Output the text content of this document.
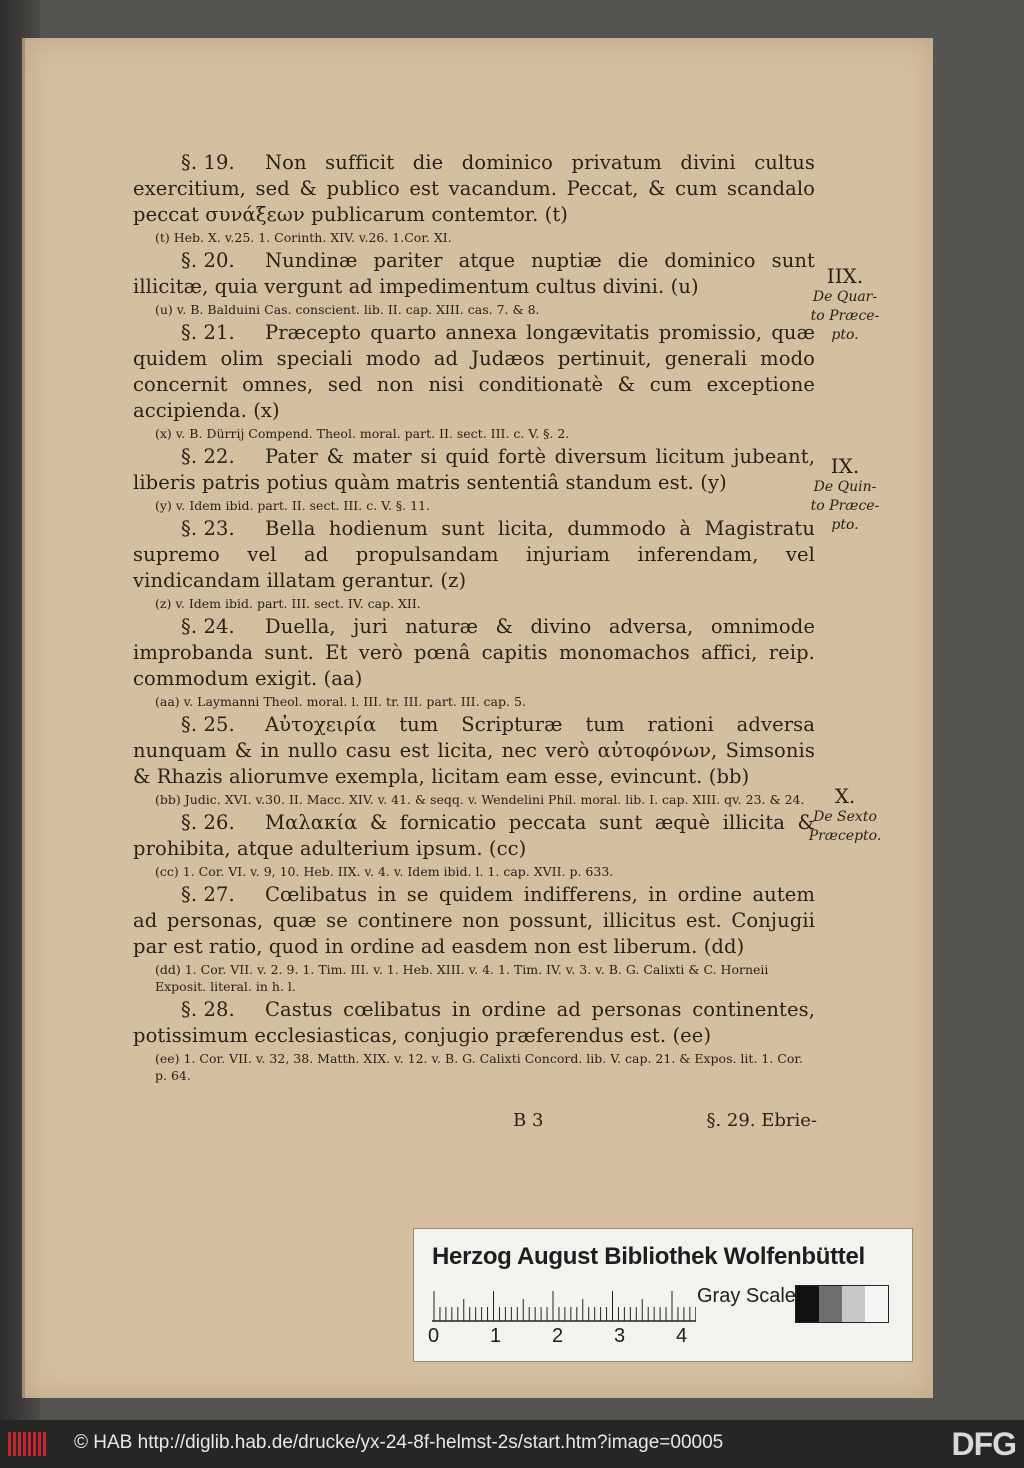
§. 19. Non sufficit die dominico privatum divini cultus exercitium, sed & publico est vacandum. Peccat, & cum scandalo peccat συνάξεων publicarum contemtor. (t)
(t) Heb. X. v.25. 1. Corinth. XIV. v.26. 1.Cor. XI.
§. 20. Nundinæ pariter atque nuptiæ die dominico sunt illicitæ, quia vergunt ad impedimentum cultus divini. (u)
(u) v. B. Balduini Cas. conscient. lib. II. cap. XIII. cas. 7. & 8.
§. 21. Præcepto quarto annexa longævitatis promissio, quæ quidem olim speciali modo ad Judæos pertinuit, generali modo concernit omnes, sed non nisi conditionatè & cum exceptione accipienda. (x)
(x) v. B. Dürrij Compend. Theol. moral. part. II. sect. III. c. V. §. 2.
§. 22. Pater & mater si quid fortè diversum licitum jubeant, liberis patris potius quàm matris sententiâ standum est. (y)
(y) v. Idem ibid. part. II. sect. III. c. V. §. 11.
§. 23. Bella hodienum sunt licita, dummodo à Magistratu supremo vel ad propulsandam injuriam inferendam, vel vindicandam illatam gerantur. (z)
(z) v. Idem ibid. part. III. sect. IV. cap. XII.
§. 24. Duella, juri naturæ & divino adversa, omnimode improbanda sunt. Et verò pœnâ capitis monomachos affici, reip. commodum exigit. (aa)
(aa) v. Laymanni Theol. moral. l. III. tr. III. part. III. cap. 5.
§. 25. Αὐτοχειρία tum Scripturæ tum rationi adversa nunquam & in nullo casu est licita, nec verò αὐτοφόνων, Simsonis & Rhazis aliorumve exempla, licitam eam esse, evincunt. (bb)
(bb) Judic. XVI. v.30. II. Macc. XIV. v. 41. & seqq. v. Wendelini Phil. moral. lib. I. cap. XIII. qv. 23. & 24.
§. 26. Μαλακία & fornicatio peccata sunt æquè illicita & prohibita, atque adulterium ipsum. (cc)
(cc) 1. Cor. VI. v. 9, 10. Heb. IIX. v. 4. v. Idem ibid. l. 1. cap. XVII. p. 633.
§. 27. Cœlibatus in se quidem indifferens, in ordine autem ad personas, quæ se continere non possunt, illicitus est. Conjugii par est ratio, quod in ordine ad easdem non est liberum. (dd)
(dd) 1. Cor. VII. v. 2. 9. 1. Tim. III. v. 1. Heb. XIII. v. 4. 1. Tim. IV. v. 3. v. B. G. Calixti & C. Horneii Exposit. literal. in h. l.
§. 28. Castus cœlibatus in ordine ad personas continentes, potissimum ecclesiasticas, conjugio præferendus est. (ee)
(ee) 1. Cor. VII. v. 32, 38. Matth. XIX. v. 12. v. B. G. Calixti Concord. lib. V. cap. 21. & Expos. lit. 1. Cor. p. 64.
IIX.
De Quar-
to Præce-
pto.
IX.
De Quin-
to Præce-
pto.
X.
De Sexto
Præcepto.
B 3	§. 29. Ebrie-
Herzog August Bibliothek Wolfenbüttel
0	1	2	3	4
Gray Scale
© HAB http://diglib.hab.de/drucke/yx-24-8f-helmst-2s/start.htm?image=00005	DFG
